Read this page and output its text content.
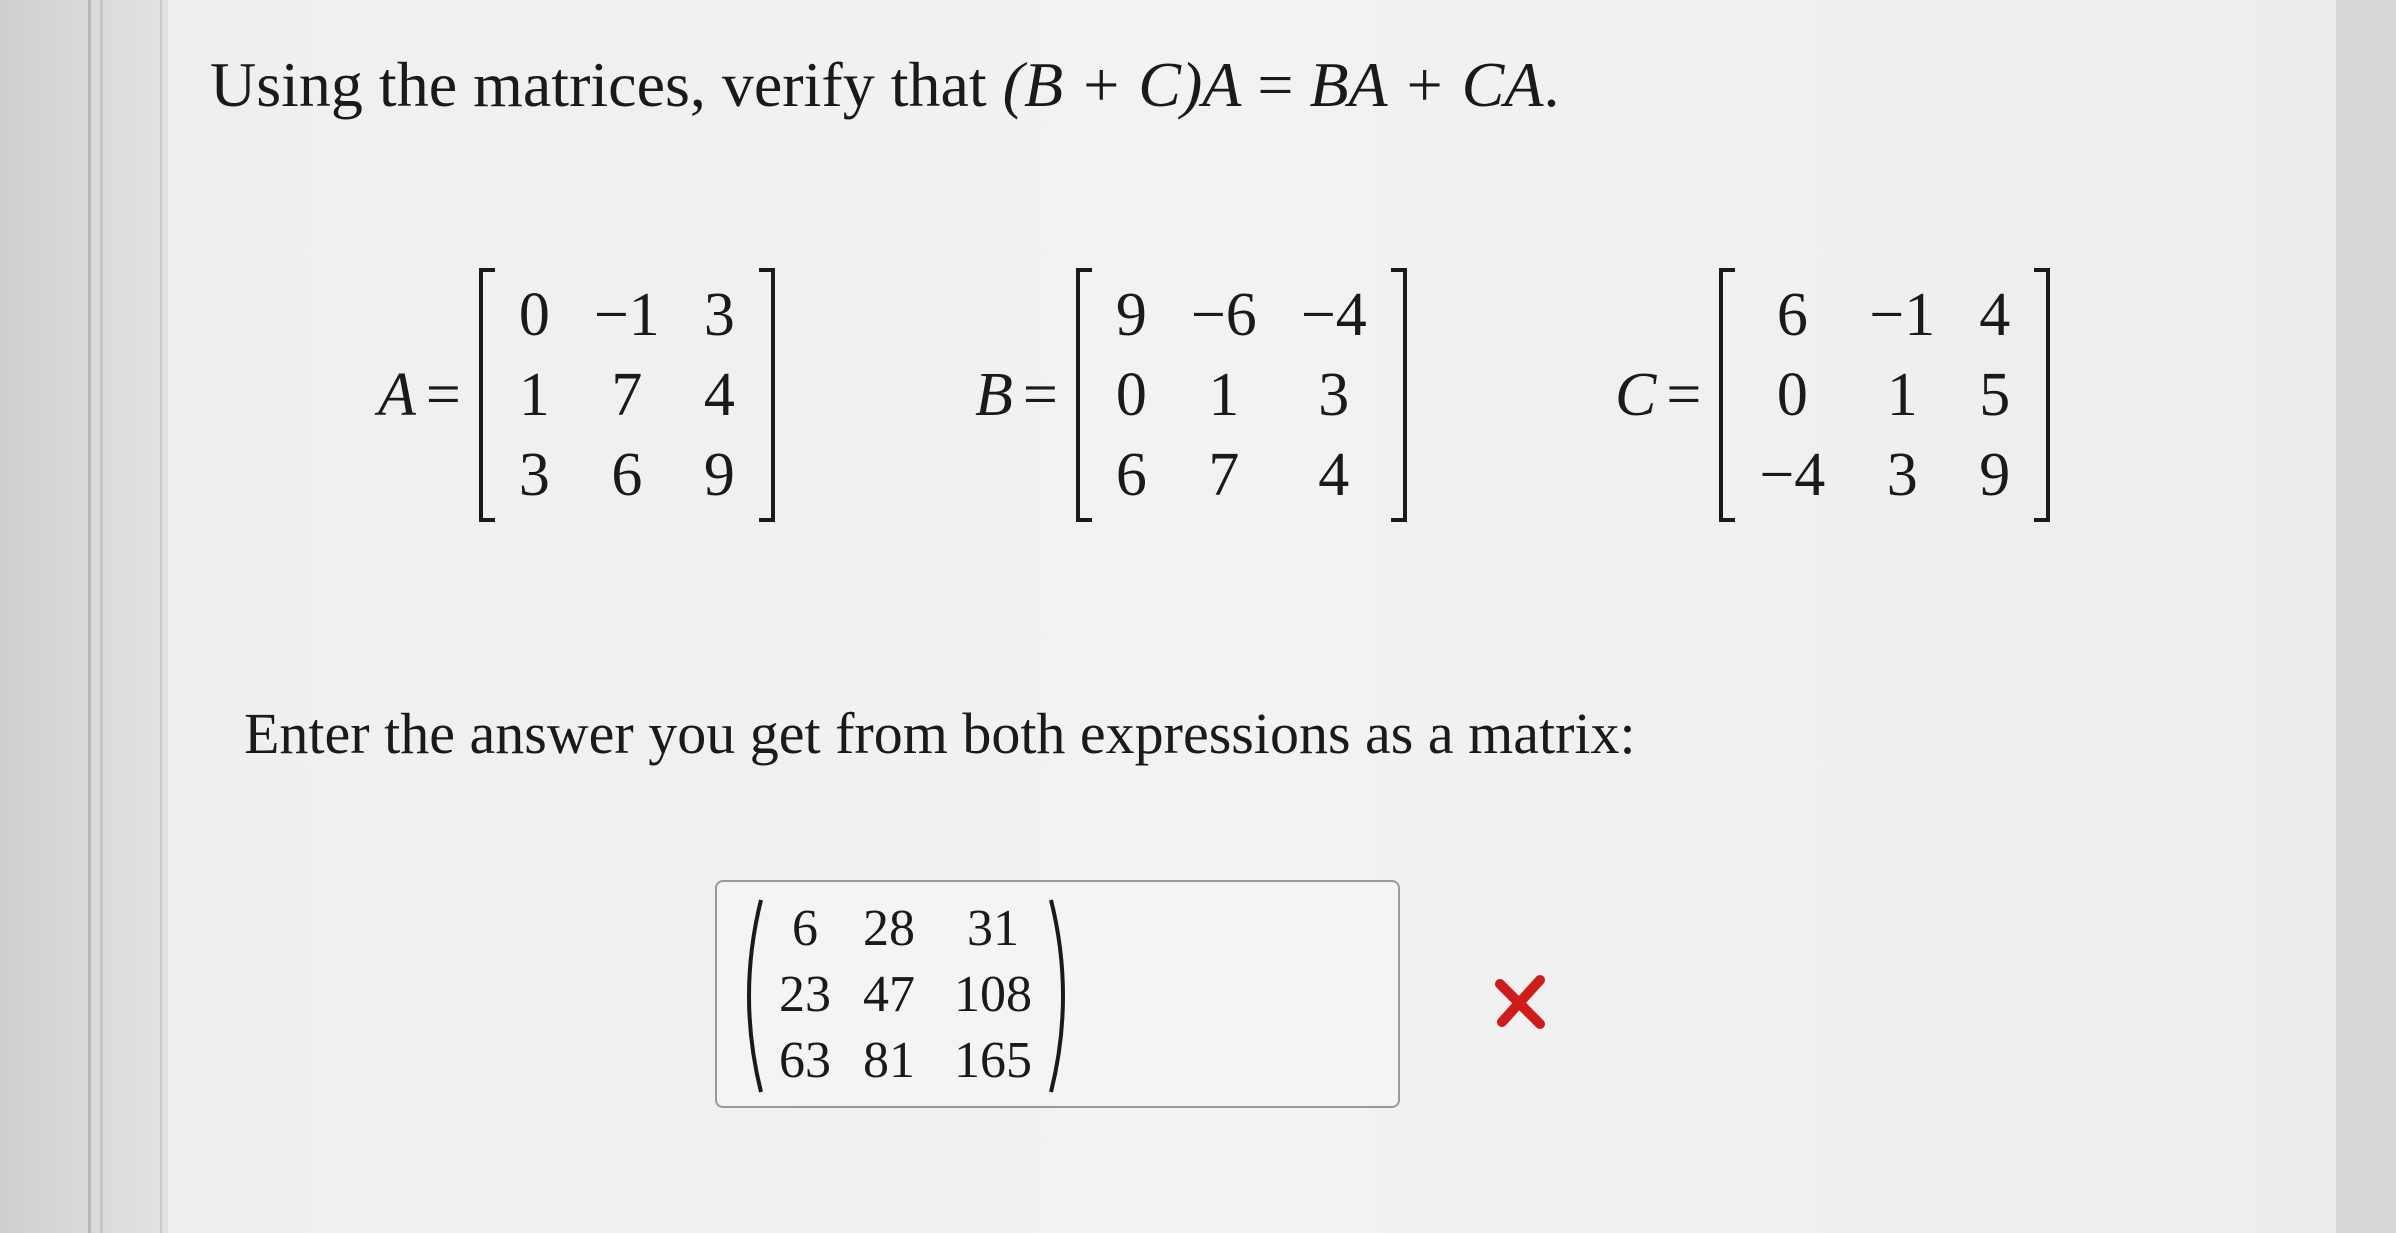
Using the matrices, verify that (B + C)A = BA + CA.
A =
0 −1 3
1 7 4
3 6 9
B =
9 −6 −4
0 1	3
6 7	4
C =
6 −1 4
0	1 5
−4 3 9
Enter the answer you get from both expressions as a matrix:
6 28	31
23 47 108
63 81 165
